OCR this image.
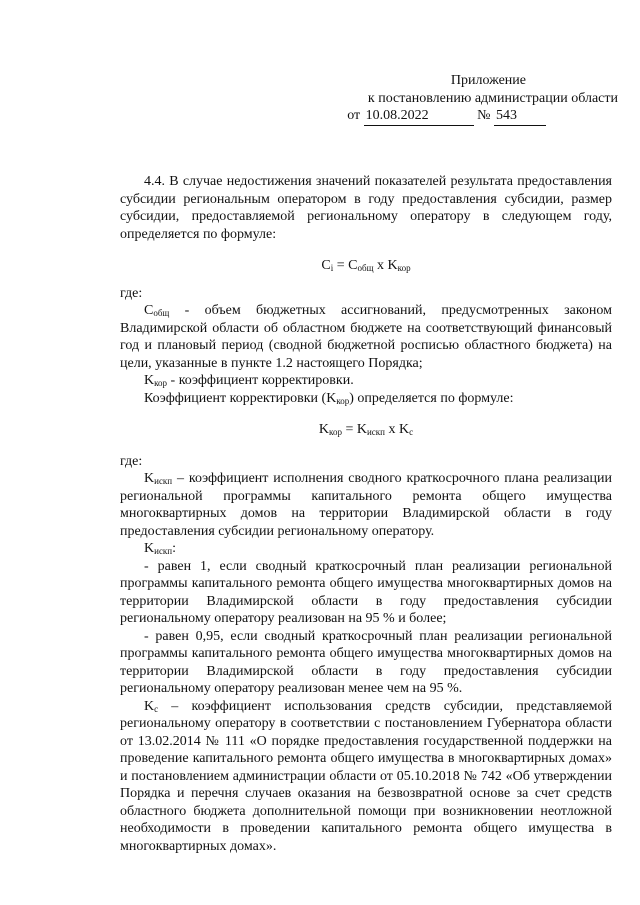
Приложение
к постановлению администрации области
от 10.08.2022	№ 543

4.4. В случае недостижения значений показателей результата предоставления субсидии региональным оператором в году предоставления субсидии, размер субсидии, предоставляемой региональному оператору в следующем году, определяется по формуле:

$C_i = C_{общ}$ x $K_{кор}$

где:

$C_{общ}$ - объем бюджетных ассигнований, предусмотренных законом Владимирской области об областном бюджете на соответствующий финансовый год и плановый период (сводной бюджетной росписью областного бюджета) на цели, указанные в пункте 1.2 настоящего Порядка;

$K_{кор}$ - коэффициент корректировки.

Коэффициент корректировки $(K_{кор})$ определяется по формуле:

$K_{кор} = K_{искп}$ x $K_c$

где:

$K_{искп}$ – коэффициент исполнения сводного краткосрочного плана реализации региональной программы капитального ремонта общего имущества многоквартирных домов на территории Владимирской области в году предоставления субсидии региональному оператору.

$K_{искп}$:

- равен 1, если сводный краткосрочный план реализации региональной программы капитального ремонта общего имущества многоквартирных домов на территории Владимирской области в году предоставления субсидии региональному оператору реализован на 95 % и более;

- равен 0,95, если сводный краткосрочный план реализации региональной программы капитального ремонта общего имущества многоквартирных домов на территории Владимирской области в году предоставления субсидии региональному оператору реализован менее чем на 95 %.

$K_c$ – коэффициент использования средств субсидии, представляемой региональному оператору в соответствии с постановлением Губернатора области от 13.02.2014 № 111 «О порядке предоставления государственной поддержки на проведение капитального ремонта общего имущества в многоквартирных домах» и постановлением администрации области от 05.10.2018 № 742 «Об утверждении Порядка и перечня случаев оказания на безвозвратной основе за счет средств областного бюджета дополнительной помощи при возникновении неотложной необходимости в проведении капитального ремонта общего имущества в многоквартирных домах».
